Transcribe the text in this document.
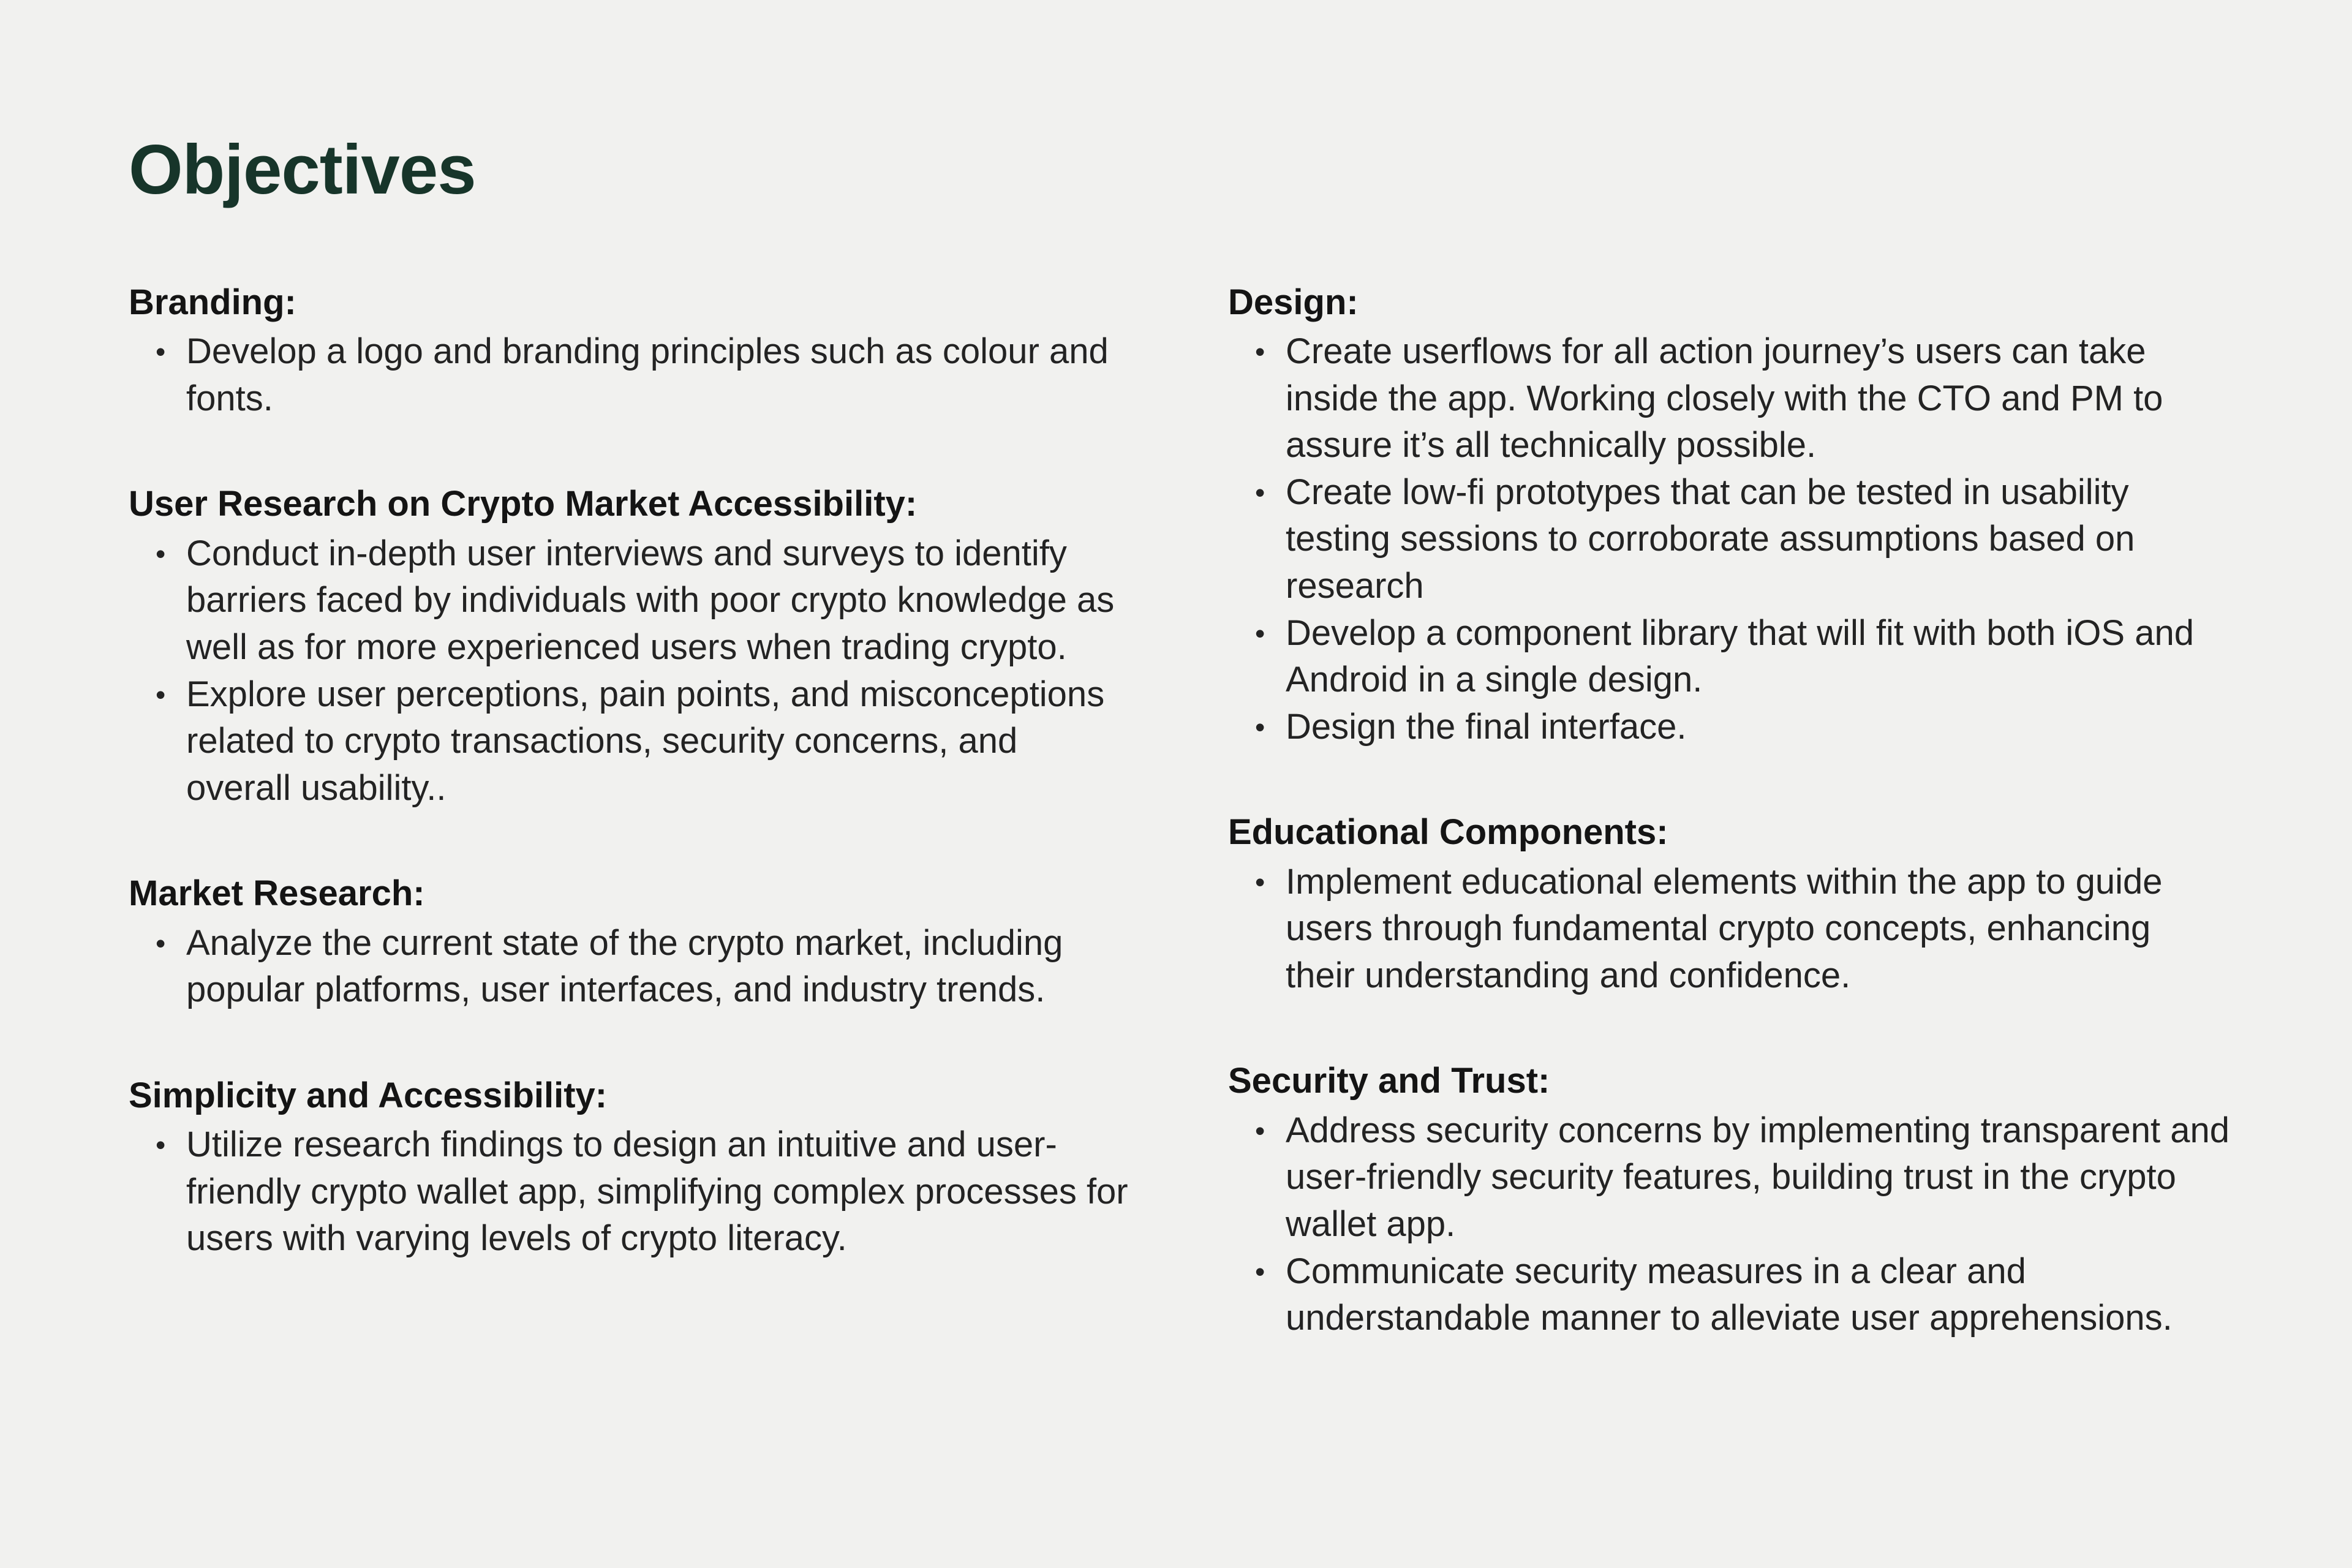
Objectives
Branding:
• Develop a logo and branding principles such as colour and fonts.
User Research on Crypto Market Accessibility:
• Conduct in-depth user interviews and surveys to identify barriers faced by individuals with poor crypto knowledge as well as for more experienced users when trading crypto.
• Explore user perceptions, pain points, and misconceptions related to crypto transactions, security concerns, and overall usability..
Market Research:
• Analyze the current state of the crypto market, including popular platforms, user interfaces, and industry trends.
Simplicity and Accessibility:
• Utilize research findings to design an intuitive and user-friendly crypto wallet app, simplifying complex processes for users with varying levels of crypto literacy.
Design:
• Create userflows for all action journey’s users can take inside the app. Working closely with the CTO and PM to assure it’s all technically possible.
• Create low-fi prototypes that can be tested in usability testing sessions to corroborate assumptions based on research
• Develop a component library that will fit with both iOS and Android in a single design.
• Design the final interface.
Educational Components:
• Implement educational elements within the app to guide users through fundamental crypto concepts, enhancing their understanding and confidence.
Security and Trust:
• Address security concerns by implementing transparent and user-friendly security features, building trust in the crypto wallet app.
• Communicate security measures in a clear and understandable manner to alleviate user apprehensions.
